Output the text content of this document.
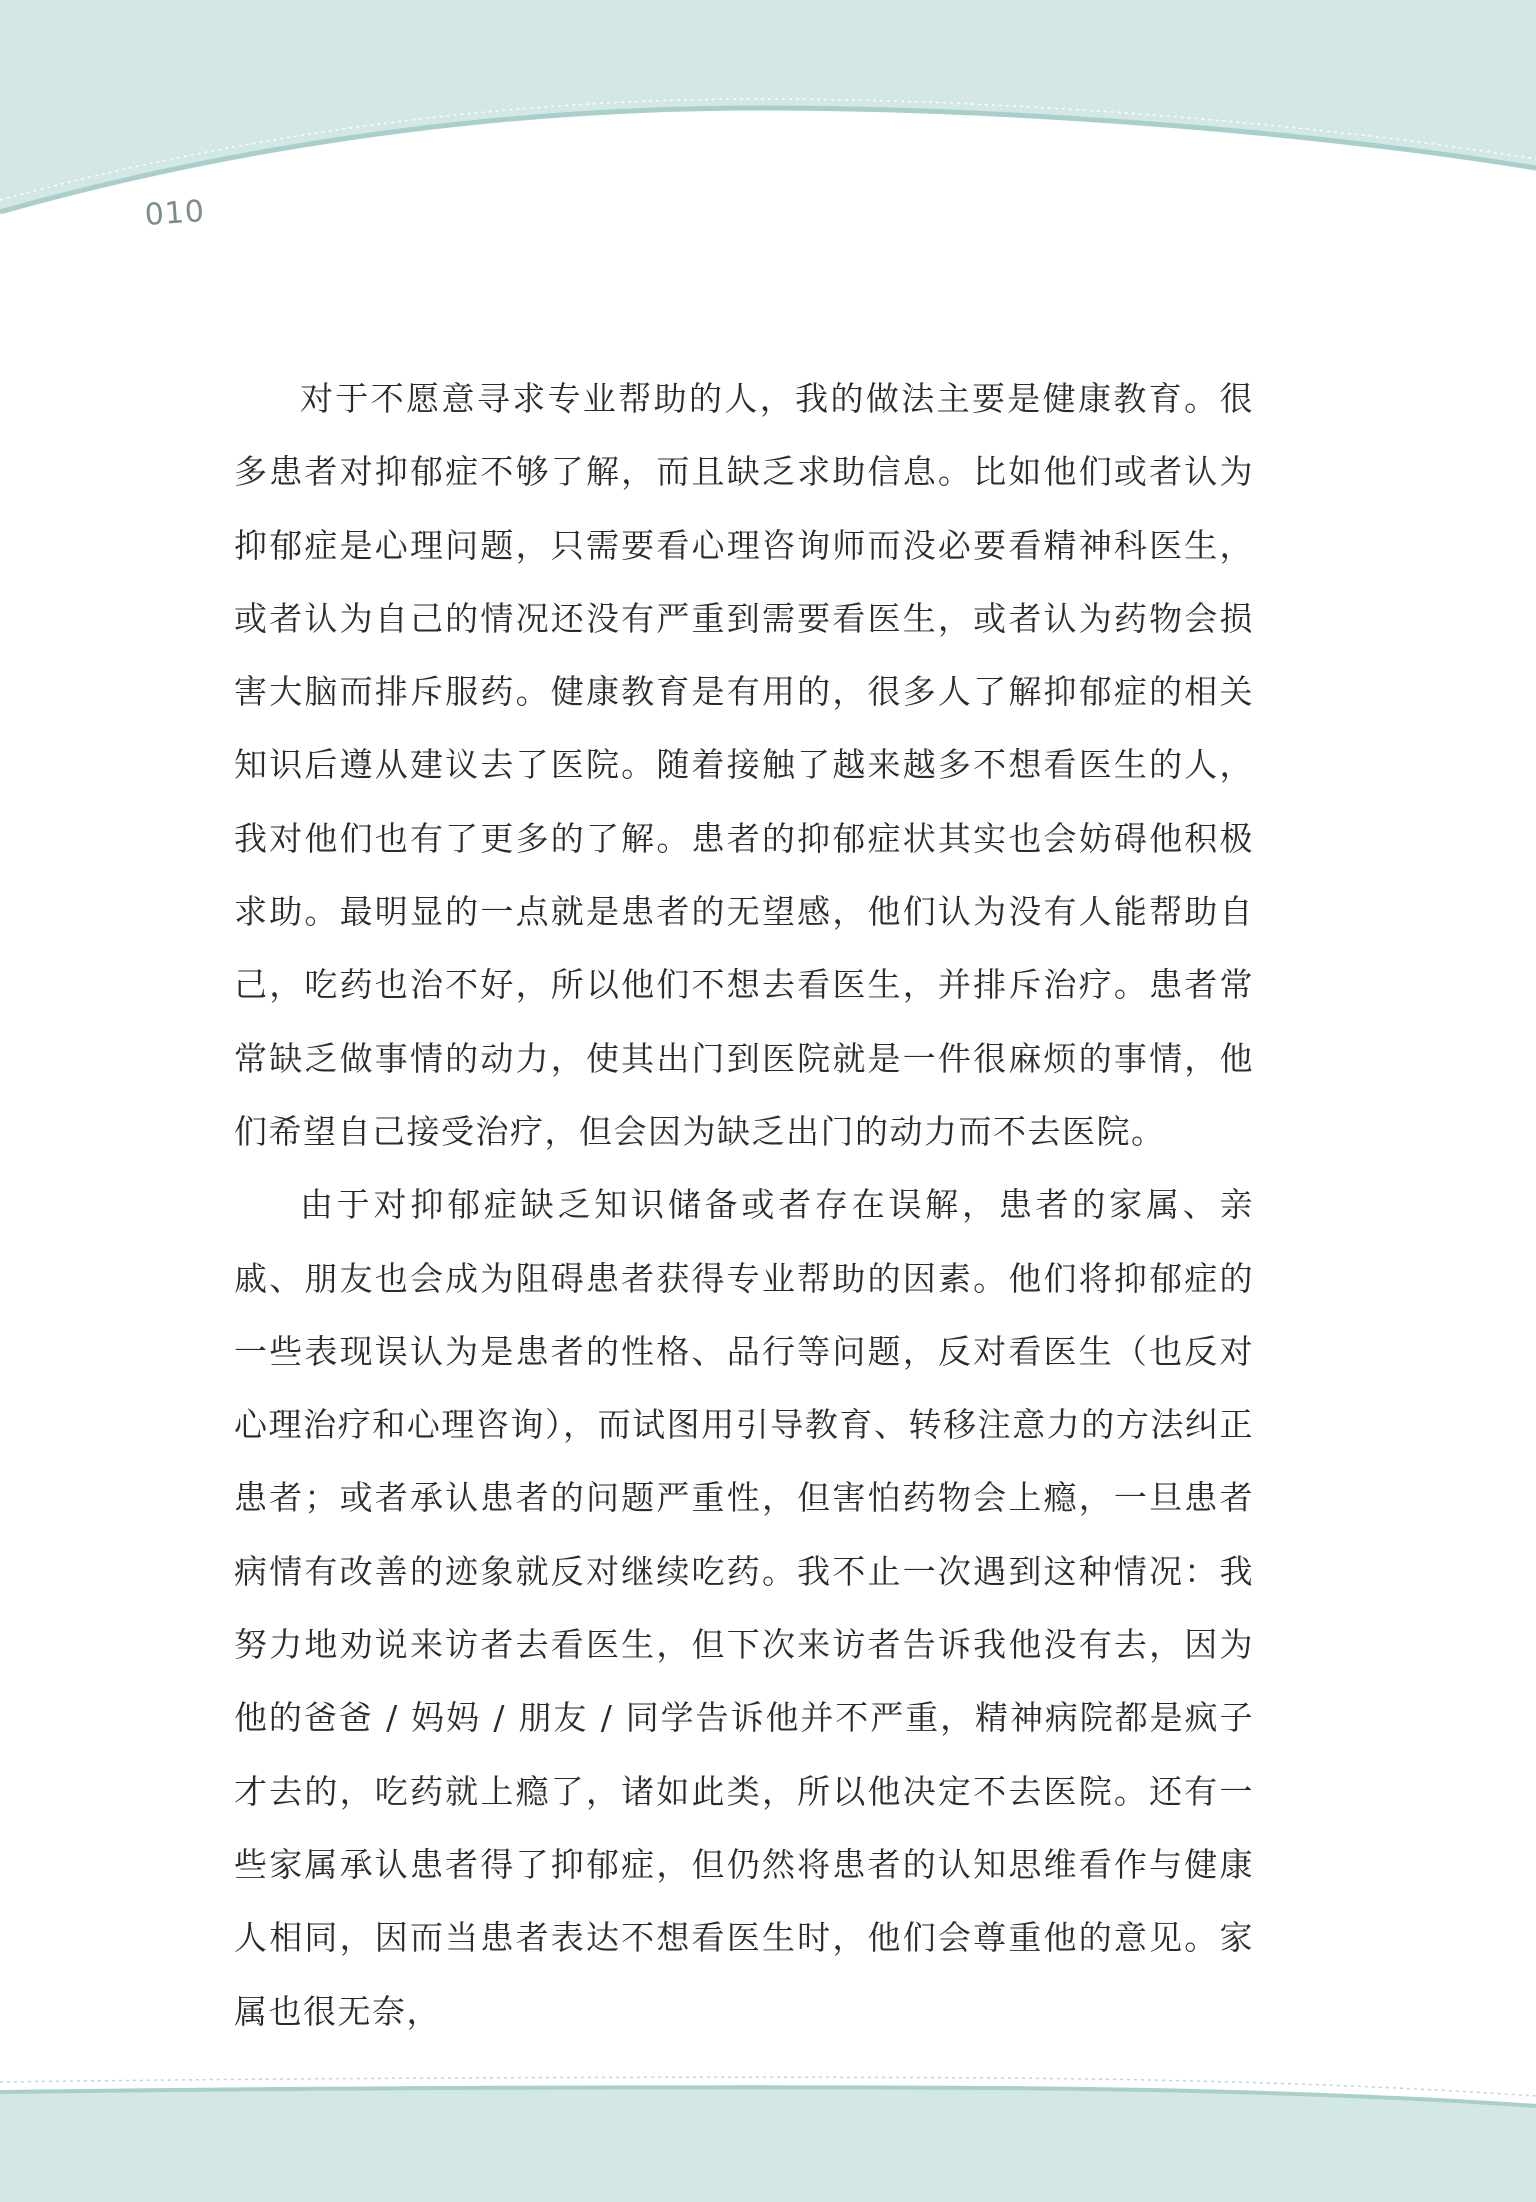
010

对于不愿意寻求专业帮助的人，我的做法主要是健康教育。很多患者对抑郁症不够了解，而且缺乏求助信息。比如他们或者认为抑郁症是心理问题，只需要看心理咨询师而没必要看精神科医生，或者认为自己的情况还没有严重到需要看医生，或者认为药物会损害大脑而排斥服药。健康教育是有用的，很多人了解抑郁症的相关知识后遵从建议去了医院。随着接触了越来越多不想看医生的人，我对他们也有了更多的了解。患者的抑郁症状其实也会妨碍他积极求助。最明显的一点就是患者的无望感，他们认为没有人能帮助自己，吃药也治不好，所以他们不想去看医生，并排斥治疗。患者常常缺乏做事情的动力，使其出门到医院就是一件很麻烦的事情，他们希望自己接受治疗，但会因为缺乏出门的动力而不去医院。

由于对抑郁症缺乏知识储备或者存在误解，患者的家属、亲戚、朋友也会成为阻碍患者获得专业帮助的因素。他们将抑郁症的一些表现误认为是患者的性格、品行等问题，反对看医生（也反对心理治疗和心理咨询），而试图用引导教育、转移注意力的方法纠正患者；或者承认患者的问题严重性，但害怕药物会上瘾，一旦患者病情有改善的迹象就反对继续吃药。我不止一次遇到这种情况：我努力地劝说来访者去看医生，但下次来访者告诉我他没有去，因为他的爸爸 / 妈妈 / 朋友 / 同学告诉他并不严重，精神病院都是疯子才去的，吃药就上瘾了，诸如此类，所以他决定不去医院。还有一些家属承认患者得了抑郁症，但仍然将患者的认知思维看作与健康人相同，因而当患者表达不想看医生时，他们会尊重他的意见。家属也很无奈，
